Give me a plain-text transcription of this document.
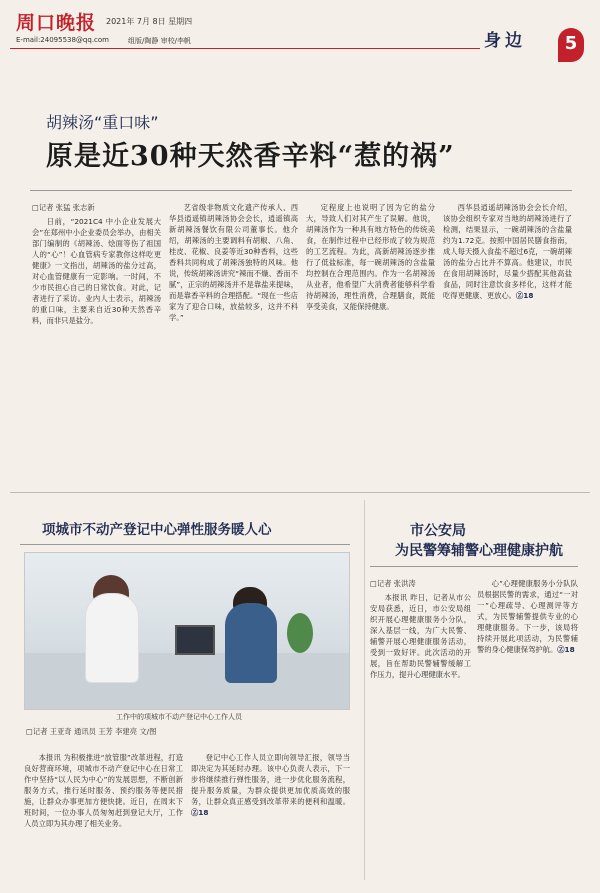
周口晚报 2021年 7月 8日 星期四
E-mail:24095538@qq.com	组版/陶静 审校/李帆	身边	5
胡辣汤“重口味”
原是近30种天然香辛料“惹的祸”
□记者 张猛 张志新

日前，“2021C4 中小企业发展大会”在郑州中小企业委员会举办，由相关部门编制的《胡辣汤、烩面等伤了祖国人的“心”！心血管病专家教你这样吃更健康》一文指出，胡辣汤的盐分过高，对心血管健康有一定影响。一时间，不少市民担心自己的日常饮食。对此，记者进行了采访。业内人士表示，胡辣汤的重口味，主要来自近30种天然香辛料，而非只是盐分。

艺省级非物质文化遗产传承人、西华县逍遥镇胡辣汤协会会长，逍遥镇高新胡辣汤餐饮有限公司董事长。他介绍，胡辣汤的主要调料有胡椒、八角、桂皮、花椒、良姜等近30种香料，这些香料共同构成了胡辣汤独特的风味。他说，传统胡辣汤讲究“辣而不燥、香而不腻”，正宗的胡辣汤并不是靠盐来提味，而是靠香辛料的合理搭配。“现在一些店家为了迎合口味，放盐较多，这并不科学。”

定程度上也说明了因为它的盐分大，导致人们对其产生了误解。他说，胡辣汤作为一种具有地方特色的传统美食，在制作过程中已经形成了较为规范的工艺流程。为此，高新胡辣汤逐步推行了低盐标准，每一碗胡辣汤的含盐量均控制在合理范围内。作为一名胡辣汤从业者，他希望广大消费者能够科学看待胡辣汤，理性消费，合理膳食，既能享受美食，又能保持健康。

西华县逍遥胡辣汤协会会长介绍，该协会组织专家对当地的胡辣汤进行了检测，结果显示，一碗胡辣汤的含盐量约为1.72克。按照中国居民膳食指南，成人每天摄入食盐不超过6克，一碗胡辣汤的盐分占比并不算高。他建议，市民在食用胡辣汤时，尽量少搭配其他高盐食品，同时注意饮食多样化，这样才能吃得更健康、更放心。Ⓩ18

项城市不动产登记中心弹性服务暖人心
工作中的项城市不动产登记中心工作人员
□记者 王亚奇 通讯员 王芳 李建亮 文/图

本报讯 为积极推进“放管服”改革进程，打造良好营商环境，项城市不动产登记中心在日常工作中坚持“以人民为中心”的发展思想，不断创新服务方式，推行延时服务、预约服务等便民措施，让群众办事更加方便快捷。近日，在周末下班时间，一位办事人员匆匆赶到登记大厅，工作人员立即为其办理了相关业务。

登记中心工作人员立即向领导汇报，领导当即决定为其延时办理。该中心负责人表示，下一步将继续推行弹性服务，进一步优化服务流程，提升服务质量，为群众提供更加优质高效的服务，让群众真正感受到改革带来的便利和温暖。Ⓩ18

市公安局
为民警筹辅警心理健康护航
□记者 张洪涛

本报讯 昨日，记者从市公安局获悉，近日，市公安局组织开展心理健康服务小分队，深入基层一线，为广大民警、辅警开展心理健康服务活动，受到一致好评。此次活动的开展，旨在帮助民警辅警缓解工作压力，提升心理健康水平。

心”心理健康服务小分队队员根据民警的需求，通过“一对一”心理疏导、心理测评等方式，为民警辅警提供专业的心理健康服务。下一步，该局将持续开展此项活动，为民警辅警的身心健康保驾护航。Ⓩ18
